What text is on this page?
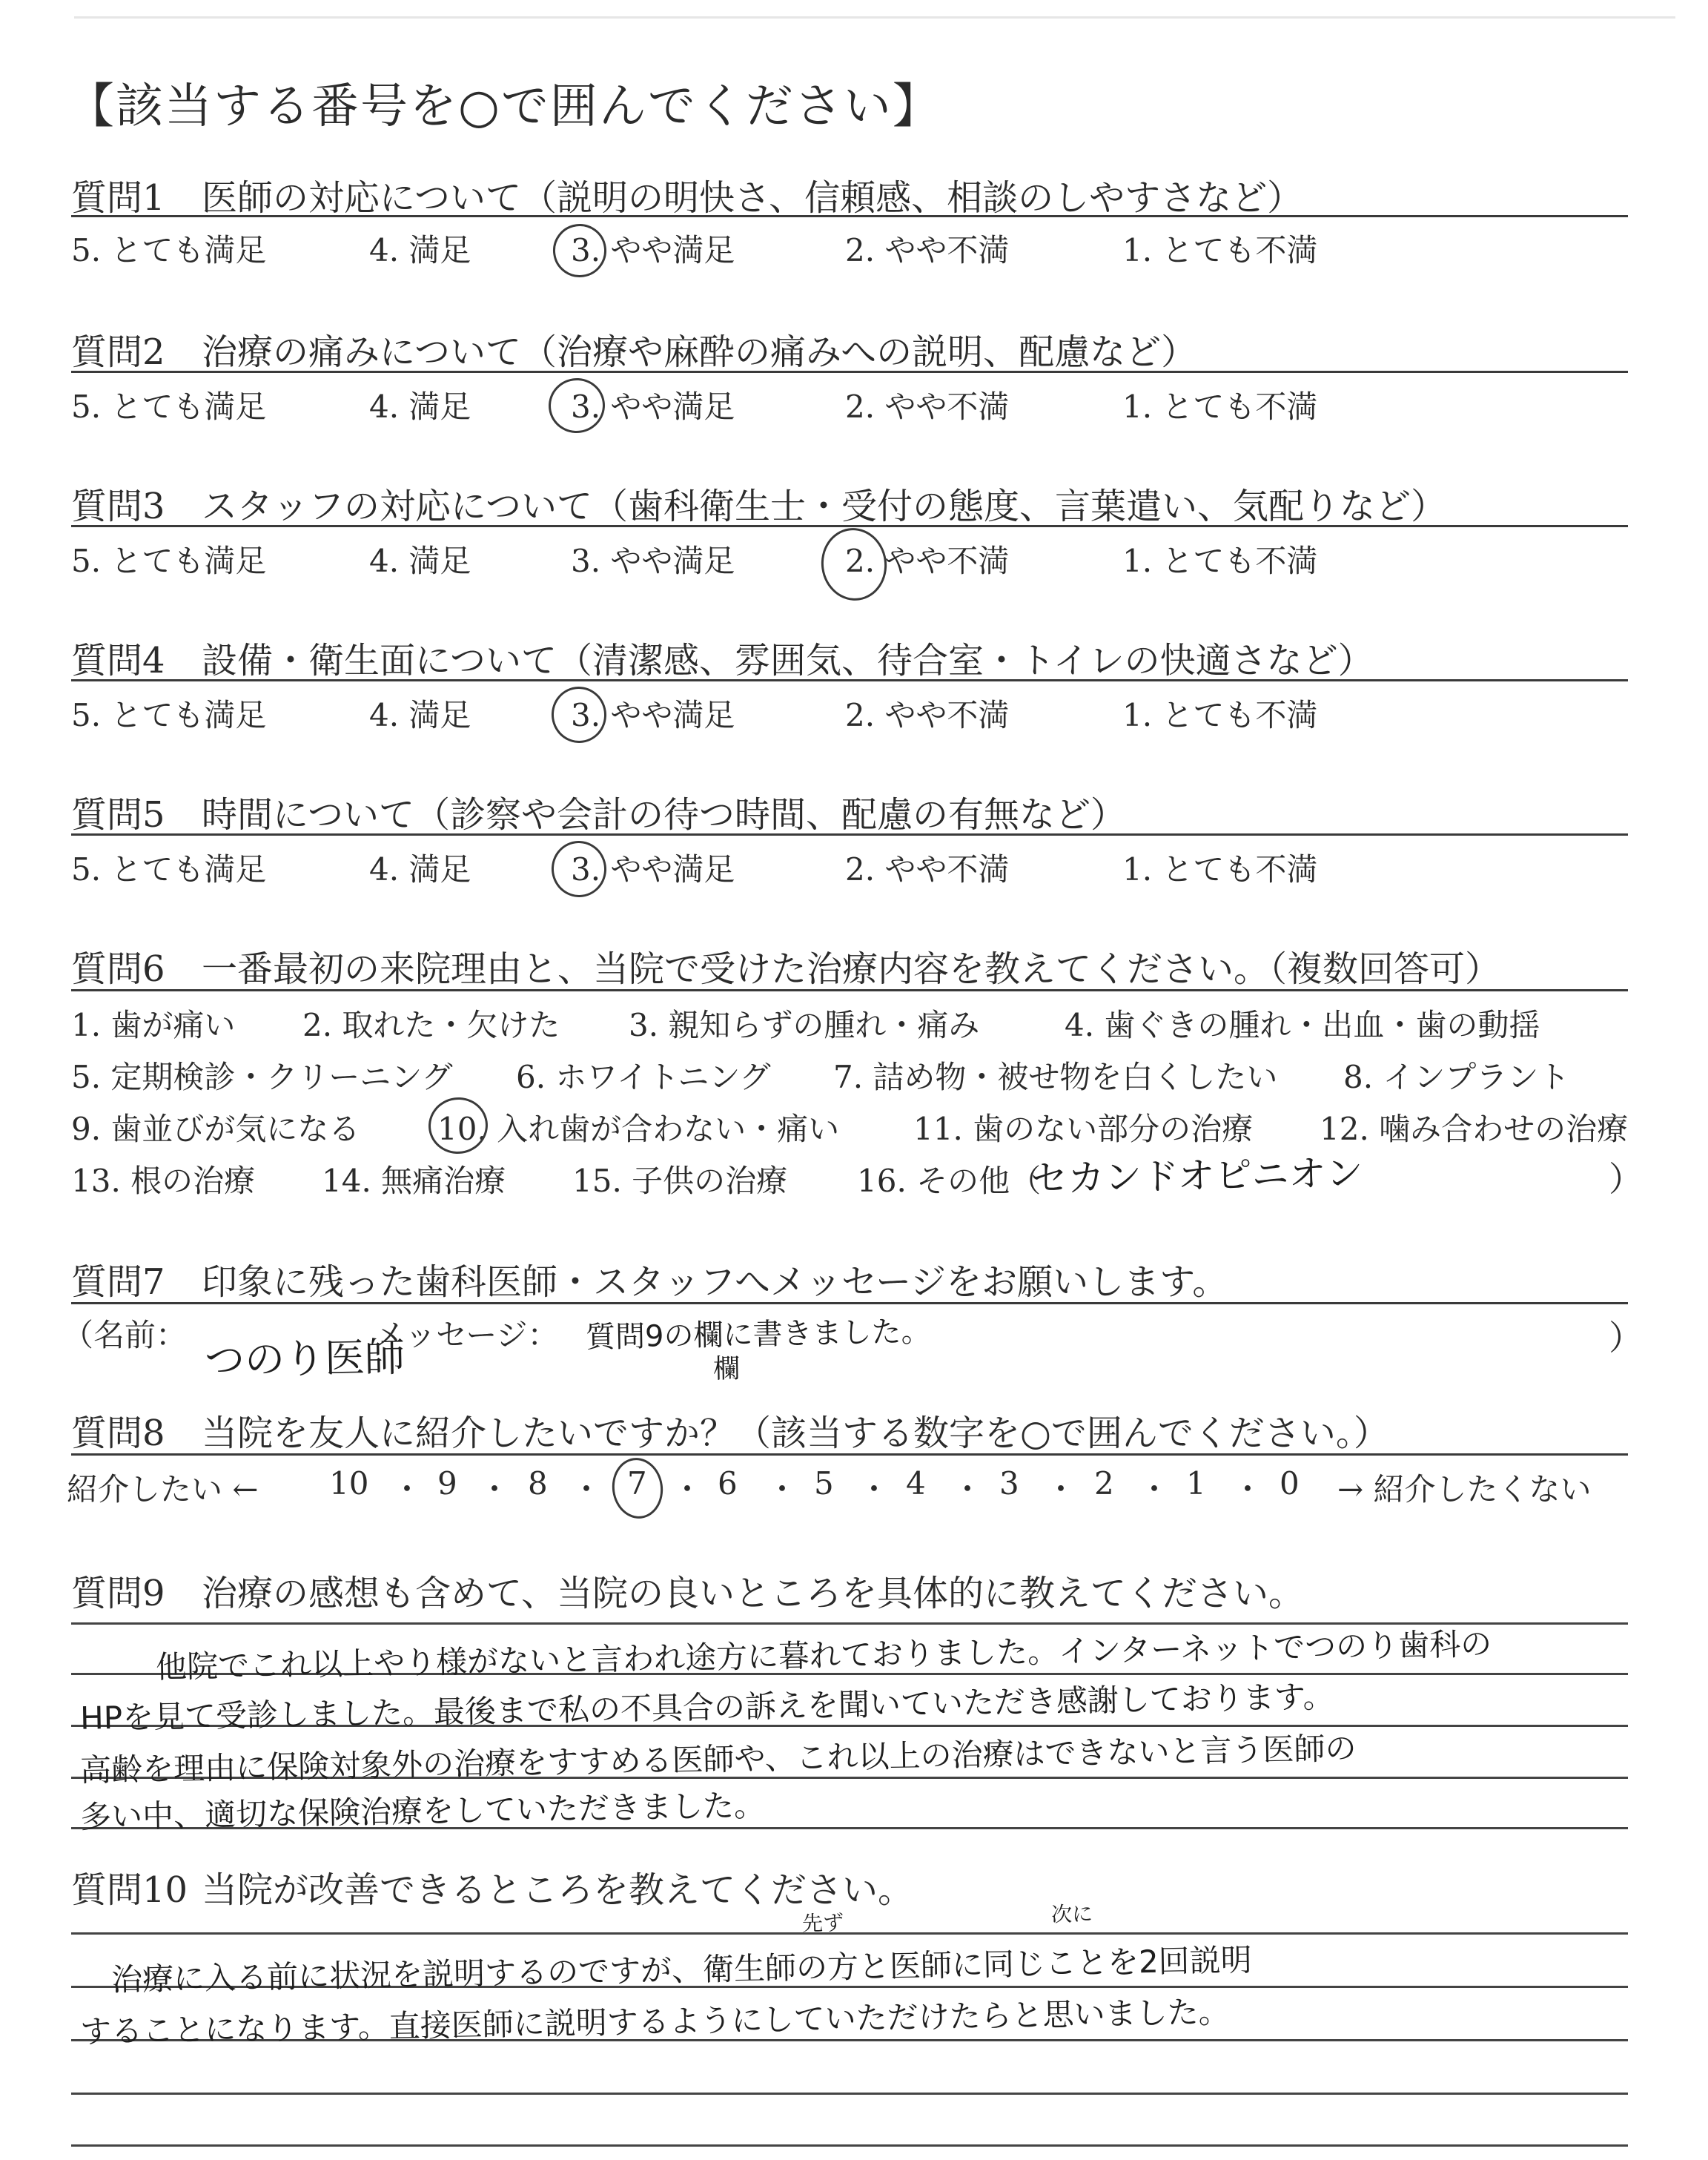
【該当する番号を○で囲んでください】
質問1 医師の対応について（説明の明快さ、信頼感、相談のしやすさなど）
5. とても満足	4. 満足	3. やや満足	2. やや不満	1. とても不満
質問2 治療の痛みについて（治療や麻酔の痛みへの説明、配慮など）
5. とても満足	4. 満足	3. やや満足	2. やや不満	1. とても不満
質問3 スタッフの対応について（歯科衛生士・受付の態度、言葉遣い、気配りなど）
5. とても満足	4. 満足	3. やや満足	2. やや不満	1. とても不満
質問4 設備・衛生面について（清潔感、雰囲気、待合室・トイレの快適さなど）
5. とても満足	4. 満足	3. やや満足	2. やや不満	1. とても不満
質問5 時間について（診察や会計の待つ時間、配慮の有無など）
5. とても満足	4. 満足	3. やや満足	2. やや不満	1. とても不満
質問6 一番最初の来院理由と、当院で受けた治療内容を教えてください。（複数回答可）
1. 歯が痛い 2. 取れた・欠けた 3. 親知らずの腫れ・痛み	4. 歯ぐきの腫れ・出血・歯の動揺
5. 定期検診・クリーニング 6. ホワイトニング 7. 詰め物・被せ物を白くしたい 8. インプラント
9. 歯並びが気になる 10. 入れ歯が合わない・痛い 11. 歯のない部分の治療 12. 噛み合わせの治療
13. 根の治療 14. 無痛治療 15. 子供の治療 16. その他（
セカンドオピニオン	）
質問7 印象に残った歯科医師・スタッフへメッセージをお願いします。
（名前： つのり医師
メッセージ： 質問9の欄に書きました。
欄
）
質問8 当院を友人に紹介したいですか？（該当する数字を○で囲んでください。）
紹介したい ← 10 ・ 9 ・ 8 ・ 7 ・ 6 ・ 5 ・ 4 ・ 3 ・ 2 ・ 1 ・ 0 → 紹介したくない
質問9 治療の感想も含めて、当院の良いところを具体的に教えてください。
他院でこれ以上やり様がないと言われ途方に暮れておりました。インターネットでつのり歯科の
HPを見て受診しました。最後まで私の不具合の訴えを聞いていただき感謝しております。
高齢を理由に保険対象外の治療をすすめる医師や、これ以上の治療はできないと言う医師の
多い中、適切な保険治療をしていただきました。
質問10 当院が改善できるところを教えてください。
先ず	次に
治療に入る前に状況を説明するのですが、衛生師の方と医師に同じことを2回説明
することになります。直接医師に説明するようにしていただけたらと思いました。
